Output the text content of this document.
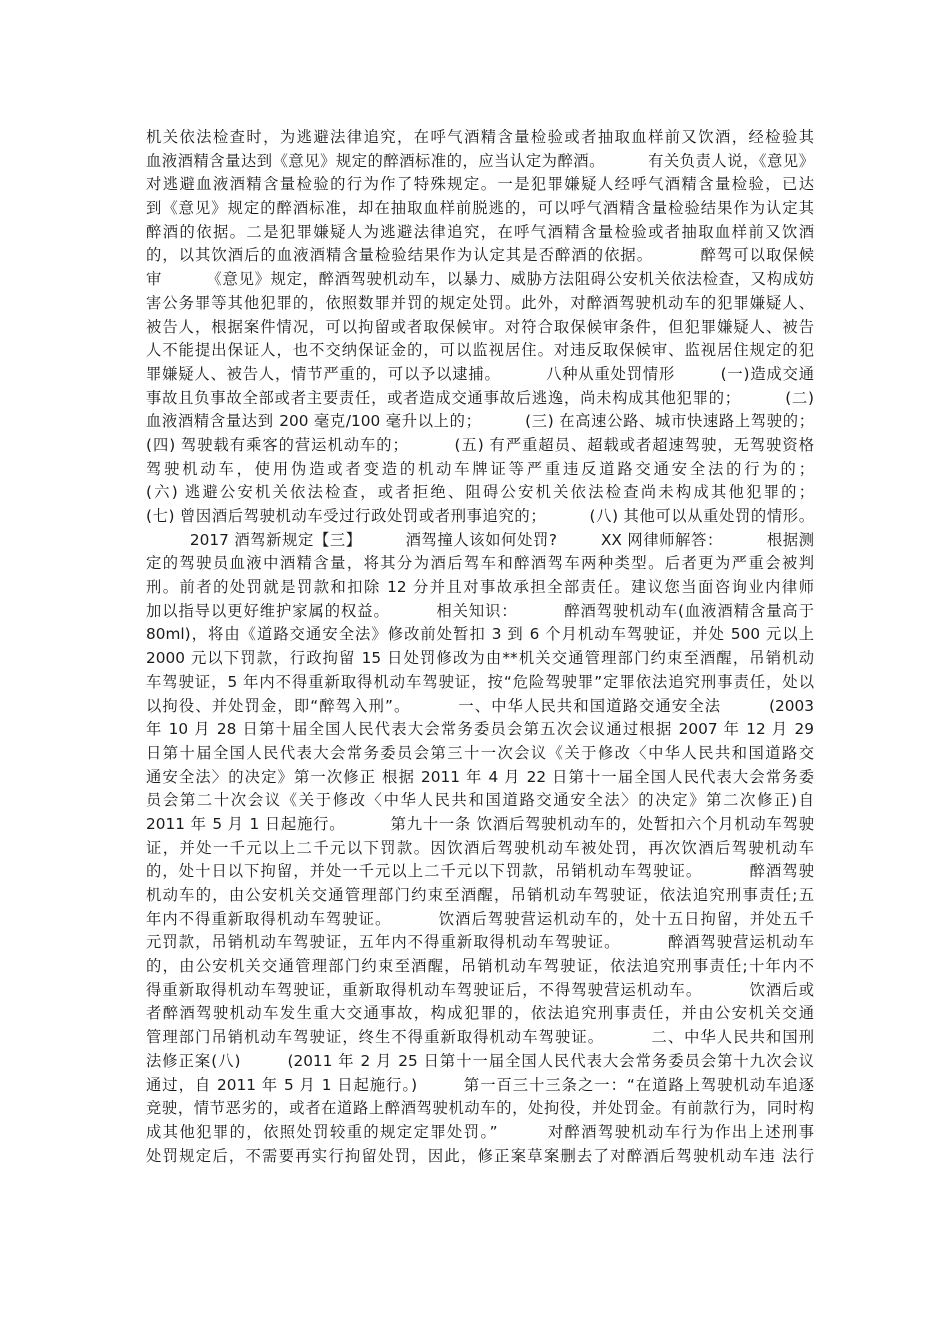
机关依法检查时，为逃避法律追究，在呼气酒精含量检验或者抽取血样前又饮酒，经检验其
血液酒精含量达到《意见》规定的醉酒标准的，应当认定为醉酒。        有关负责人说，《意见》
对逃避血液酒精含量检验的行为作了特殊规定。一是犯罪嫌疑人经呼气酒精含量检验，已达
到《意见》规定的醉酒标准，却在抽取血样前脱逃的，可以呼气酒精含量检验结果作为认定其
醉酒的依据。二是犯罪嫌疑人为逃避法律追究，在呼气酒精含量检验或者抽取血样前又饮酒
的，以其饮酒后的血液酒精含量检验结果作为认定其是否醉酒的依据。        醉驾可以取保候
审        《意见》规定，醉酒驾驶机动车，以暴力、威胁方法阻碍公安机关依法检查，又构成妨
害公务罪等其他犯罪的，依照数罪并罚的规定处罚。此外，对醉酒驾驶机动车的犯罪嫌疑人、
被告人，根据案件情况，可以拘留或者取保候审。对符合取保候审条件，但犯罪嫌疑人、被告
人不能提出保证人，也不交纳保证金的，可以监视居住。对违反取保候审、监视居住规定的犯
罪嫌疑人、被告人，情节严重的，可以予以逮捕。        八种从重处罚情形        (一)造成交通
事故且负事故全部或者主要责任，或者造成交通事故后逃逸，尚未构成其他犯罪的；        (二)
血液酒精含量达到 200 毫克/100 毫升以上的；        (三) 在高速公路、城市快速路上驾驶的；
(四) 驾驶载有乘客的营运机动车的；        (五) 有严重超员、超载或者超速驾驶，无驾驶资格
驾驶机动车，使用伪造或者变造的机动车牌证等严重违反道路交通安全法的行为的；
(六) 逃避公安机关依法检查，或者拒绝、阻碍公安机关依法检查尚未构成其他犯罪的；
(七) 曾因酒后驾驶机动车受过行政处罚或者刑事追究的；        (八) 其他可以从重处罚的情形。
2017 酒驾新规定【三】        酒驾撞人该如何处罚?        XX 网律师解答：        根据测
定的驾驶员血液中酒精含量，将其分为酒后驾车和醉酒驾车两种类型。后者更为严重会被判
刑。前者的处罚就是罚款和扣除 12 分并且对事故承担全部责任。建议您当面咨询业内律师
加以指导以更好维护家属的权益。        相关知识：        醉酒驾驶机动车(血液酒精含量高于
80ml)，将由《道路交通安全法》修改前处暂扣 3 到 6 个月机动车驾驶证，并处 500 元以上
2000 元以下罚款，行政拘留 15 日处罚修改为由**机关交通管理部门约束至酒醒，吊销机动
车驾驶证，5 年内不得重新取得机动车驾驶证，按“危险驾驶罪”定罪依法追究刑事责任，处以
以拘役、并处罚金，即“醉驾入刑”。        一、中华人民共和国道路交通安全法        (2003
年 10 月 28 日第十届全国人民代表大会常务委员会第五次会议通过根据 2007 年 12 月 29
日第十届全国人民代表大会常务委员会第三十一次会议《关于修改〈中华人民共和国道路交
通安全法〉的决定》第一次修正 根据 2011 年 4 月 22 日第十一届全国人民代表大会常务委
员会第二十次会议《关于修改〈中华人民共和国道路交通安全法〉的决定》第二次修正)自
2011 年 5 月 1 日起施行。        第九十一条 饮酒后驾驶机动车的，处暂扣六个月机动车驾驶
证，并处一千元以上二千元以下罚款。因饮酒后驾驶机动车被处罚，再次饮酒后驾驶机动车
的，处十日以下拘留，并处一千元以上二千元以下罚款，吊销机动车驾驶证。        醉酒驾驶
机动车的，由公安机关交通管理部门约束至酒醒，吊销机动车驾驶证，依法追究刑事责任;五
年内不得重新取得机动车驾驶证。        饮酒后驾驶营运机动车的，处十五日拘留，并处五千
元罚款，吊销机动车驾驶证，五年内不得重新取得机动车驾驶证。        醉酒驾驶营运机动车
的，由公安机关交通管理部门约束至酒醒，吊销机动车驾驶证，依法追究刑事责任;十年内不
得重新取得机动车驾驶证，重新取得机动车驾驶证后，不得驾驶营运机动车。        饮酒后或
者醉酒驾驶机动车发生重大交通事故，构成犯罪的，依法追究刑事责任，并由公安机关交通
管理部门吊销机动车驾驶证，终生不得重新取得机动车驾驶证。        二、中华人民共和国刑
法修正案(八)        (2011 年 2 月 25 日第十一届全国人民代表大会常务委员会第十九次会议
通过，自 2011 年 5 月 1 日起施行。)        第一百三十三条之一：“在道路上驾驶机动车追逐
竞驶，情节恶劣的，或者在道路上醉酒驾驶机动车的，处拘役，并处罚金。有前款行为，同时构
成其他犯罪的，依照处罚较重的规定定罪处罚。”        对醉酒驾驶机动车行为作出上述刑事
处罚规定后，不需要再实行拘留处罚，因此，修正案草案删去了对醉酒后驾驶机动车违 法行
